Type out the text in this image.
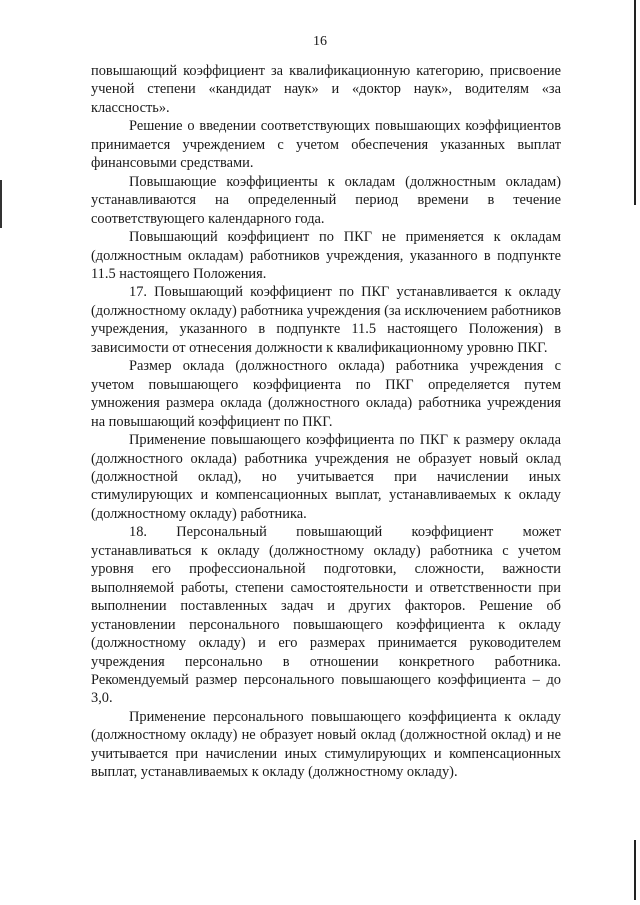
16

повышающий коэффициент за квалификационную категорию, присвоение ученой степени «кандидат наук» и «доктор наук», водителям «за классность».

Решение о введении соответствующих повышающих коэффициентов принимается учреждением с учетом обеспечения указанных выплат финансовыми средствами.

Повышающие коэффициенты к окладам (должностным окладам) устанавливаются на определенный период времени в течение соответствующего календарного года.

Повышающий коэффициент по ПКГ не применяется к окладам (должностным окладам) работников учреждения, указанного в подпункте 11.5 настоящего Положения.

17. Повышающий коэффициент по ПКГ устанавливается к окладу (должностному окладу) работника учреждения (за исключением работников учреждения, указанного в подпункте 11.5 настоящего Положения) в зависимости от отнесения должности к квалификационному уровню ПКГ.

Размер оклада (должностного оклада) работника учреждения с учетом повышающего коэффициента по ПКГ определяется путем умножения размера оклада (должностного оклада) работника учреждения на повышающий коэффициент по ПКГ.

Применение повышающего коэффициента по ПКГ к размеру оклада (должностного оклада) работника учреждения не образует новый оклад (должностной оклад), но учитывается при начислении иных стимулирующих и компенсационных выплат, устанавливаемых к окладу (должностному окладу) работника.

18. Персональный повышающий коэффициент может устанавливаться к окладу (должностному окладу) работника с учетом уровня его профессиональной подготовки, сложности, важности выполняемой работы, степени самостоятельности и ответственности при выполнении поставленных задач и других факторов. Решение об установлении персонального повышающего коэффициента к окладу (должностному окладу) и его размерах принимается руководителем учреждения персонально в отношении конкретного работника. Рекомендуемый размер персонального повышающего коэффициента – до 3,0.

Применение персонального повышающего коэффициента к окладу (должностному окладу) не образует новый оклад (должностной оклад) и не учитывается при начислении иных стимулирующих и компенсационных выплат, устанавливаемых к окладу (должностному окладу).
